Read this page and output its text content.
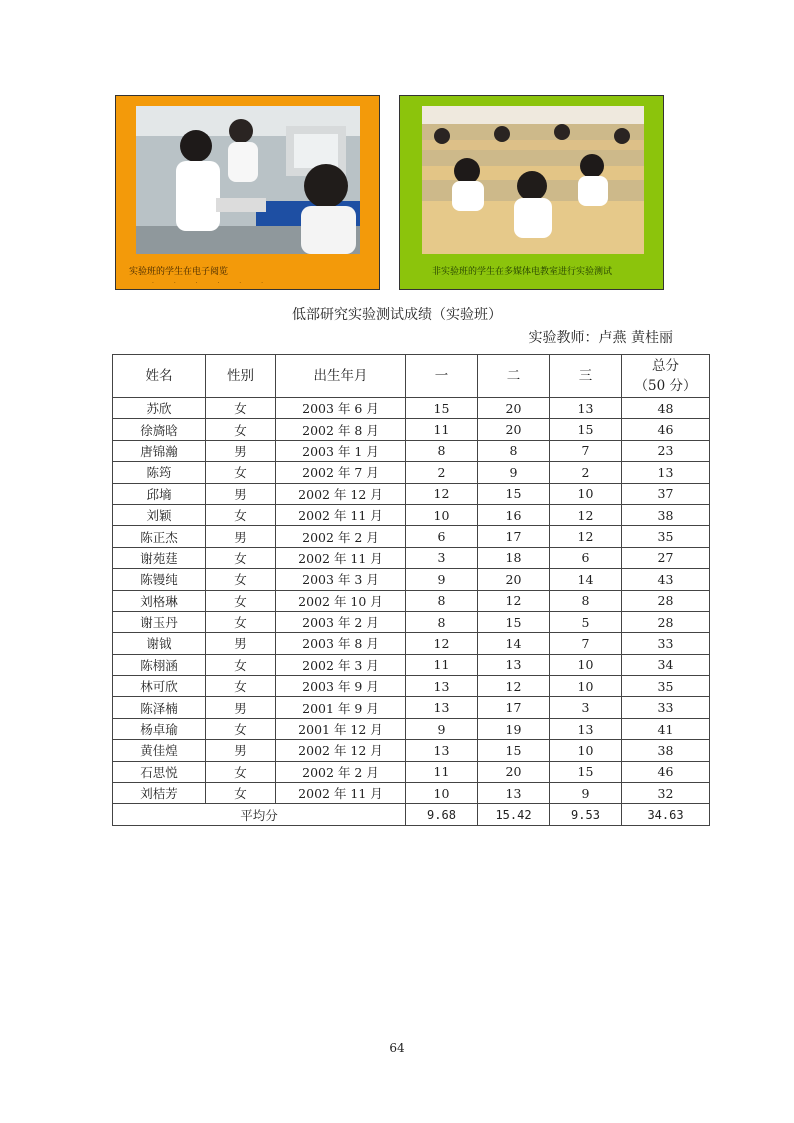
实验班的学生在电子阅览
· · · · · ·
非实验班的学生在多媒体电教室进行实验测试
低部研究实验测试成绩（实验班）
实验教师：卢燕 黄桂丽
姓名	性别	出生年月	一	二	三	总分
（50 分）

苏欣	女	2003 年 6 月	15	20	13	48
徐旖晗	女	2002 年 8 月	11	20	15	46
唐锦瀚	男	2003 年 1 月	8	8	7	23
陈筠	女	2002 年 7 月	2	9	2	13
邱墒	男	2002 年 12 月	12	15	10	37
刘颖	女	2002 年 11 月	10	16	12	38
陈正杰	男	2002 年 2 月	6	17	12	35
谢苑莛	女	2002 年 11 月	3	18	6	27
陈镘纯	女	2003 年 3 月	9	20	14	43
刘格琳	女	2002 年 10 月	8	12	8	28
谢玉丹	女	2003 年 2 月	8	15	5	28
谢钺	男	2003 年 8 月	12	14	7	33
陈栩涵	女	2002 年 3 月	11	13	10	34
林可欣	女	2003 年 9 月	13	12	10	35
陈泽楠	男	2001 年 9 月	13	17	3	33
杨卓瑜	女	2001 年 12 月	9	19	13	41
黄佳煌	男	2002 年 12 月	13	15	10	38
石思悦	女	2002 年 2 月	11	20	15	46
刘桔芳	女	2002 年 11 月	10	13	9	32
平均分			9.68	15.42	9.53	34.63
64
